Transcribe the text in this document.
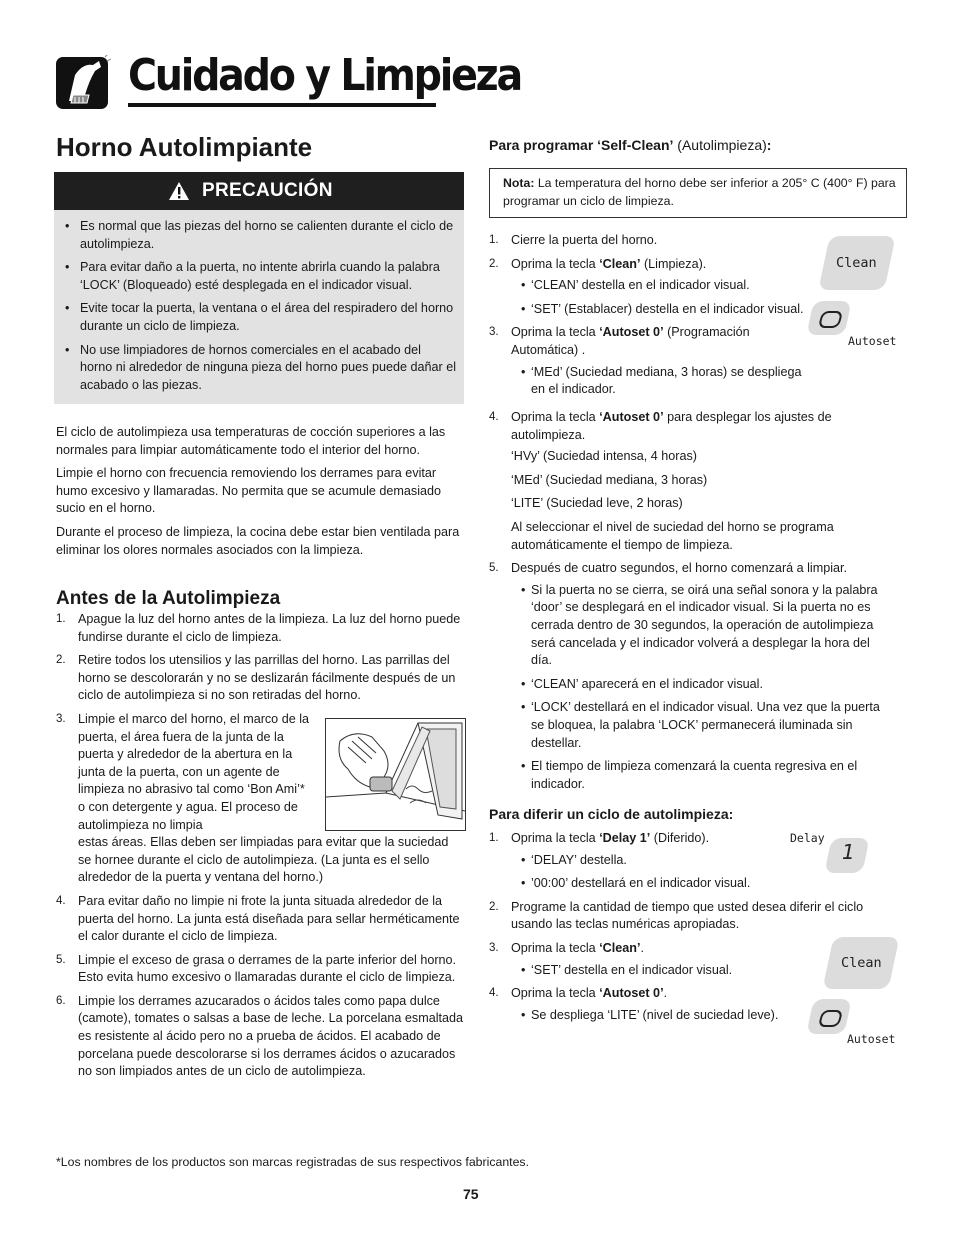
Cuidado y Limpieza
Horno Autolimpiante
PRECAUCIÓN
• Es normal que las piezas del horno se calienten durante el ciclo de autolimpieza.
• Para evitar daño a la puerta, no intente abrirla cuando la palabra ‘LOCK’ (Bloqueado) esté desplegada en el indicador visual.
• Evite tocar la puerta, la ventana o el área del respiradero del horno durante un ciclo de limpieza.
• No use limpiadores de hornos comerciales en el acabado del horno ni alrededor de ninguna pieza del horno pues puede dañar el acabado o las piezas.

El ciclo de autolimpieza usa temperaturas de cocción superiores a las normales para limpiar automáticamente todo el interior del horno.

Limpie el horno con frecuencia removiendo los derrames para evitar humo excesivo y llamaradas. No permita que se acumule demasiado sucio en el horno.

Durante el proceso de limpieza, la cocina debe estar bien ventilada para eliminar los olores normales asociados con la limpieza.

Antes de la Autolimpieza
1. Apague la luz del horno antes de la limpieza. La luz del horno puede fundirse durante el ciclo de limpieza.
2. Retire todos los utensilios y las parrillas del horno. Las parrillas del horno se descolorarán y no se deslizarán fácilmente después de un ciclo de autolimpieza si no son retiradas del horno.
3. Limpie el marco del horno, el marco de la puerta, el área fuera de la junta de la puerta y alrededor de la abertura en la junta de la puerta, con un agente de limpieza no abrasivo tal como ‘Bon Ami’* o con detergente y agua. El proceso de autolimpieza no limpia
estas áreas. Ellas deben ser limpiadas para evitar que la suciedad se hornee durante el ciclo de autolimpieza. (La junta es el sello alrededor de la puerta y ventana del horno.)
4. Para evitar daño no limpie ni frote la junta situada alrededor de la puerta del horno. La junta está diseñada para sellar herméticamente el calor durante el ciclo de limpieza.
5. Limpie el exceso de grasa o derrames de la parte inferior del horno. Esto evita humo excesivo o llamaradas durante el ciclo de limpieza.
6. Limpie los derrames azucarados o ácidos tales como papa dulce (camote), tomates o salsas a base de leche. La porcelana esmaltada es resistente al ácido pero no a prueba de ácidos. El acabado de porcelana puede descolorarse si los derrames ácidos o azucarados no son limpiados antes de un ciclo de autolimpieza.
Para programar ‘Self-Clean’ (Autolimpieza):
Nota: La temperatura del horno debe ser inferior a 205° C (400° F) para programar un ciclo de limpieza.
1. Cierre la puerta del horno.
2. Oprima la tecla ‘Clean’ (Limpieza).
• ‘CLEAN’ destella en el indicador visual.
• ‘SET’ (Establacer) destella en el indicador visual.
3. Oprima la tecla ‘Autoset 0’ (Programación Automática) .
• ‘MEd’ (Suciedad mediana, 3 horas) se despliega en el indicador.
4. Oprima la tecla ‘Autoset 0’ para desplegar los ajustes de autolimpieza.
‘HVy’ (Suciedad intensa, 4 horas)
‘MEd’ (Suciedad mediana, 3 horas)
‘LITE’ (Suciedad leve, 2 horas)
Al seleccionar el nivel de suciedad del horno se programa automáticamente el tiempo de limpieza.
5. Después de cuatro segundos, el horno comenzará a limpiar.
• Si la puerta no se cierra, se oirá una señal sonora y la palabra ‘door’ se desplegará en el indicador visual. Si la puerta no es cerrada dentro de 30 segundos, la operación de autolimpieza será cancelada y el indicador volverá a desplegar la hora del día.
• ‘CLEAN’ aparecerá en el indicador visual.
• ‘LOCK’ destellará en el indicador visual. Una vez que la puerta se bloquea, la palabra ‘LOCK’ permanecerá iluminada sin destellar.
• El tiempo de limpieza comenzará la cuenta regresiva en el indicador.
Para diferir un ciclo de autolimpieza:
1. Oprima la tecla ‘Delay 1’ (Diferido).
• ‘DELAY’ destella.
• ’00:00’ destellará en el indicador visual.
2. Programe la cantidad de tiempo que usted desea diferir el ciclo usando las teclas numéricas apropiadas.
3. Oprima la tecla ‘Clean’.
• ‘SET’ destella en el indicador visual.
4. Oprima la tecla ‘Autoset 0’.
• Se despliega ‘LITE’ (nivel de suciedad leve).
Clean
Autoset
Delay
1
Clean
Autoset
*Los nombres de los productos son marcas registradas de sus respectivos fabricantes.
75
